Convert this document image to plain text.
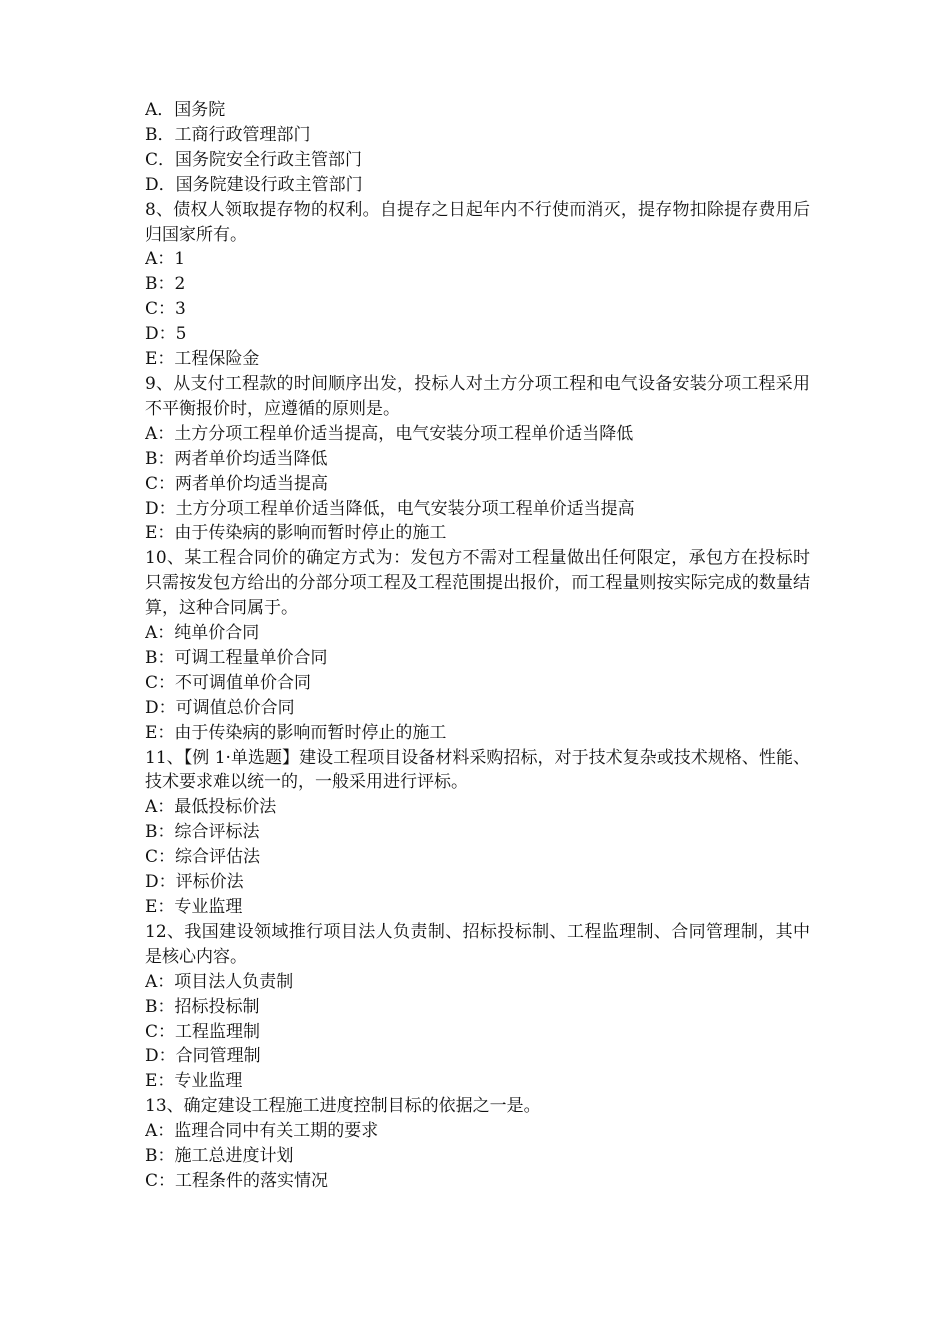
A．国务院

B．工商行政管理部门

C．国务院安全行政主管部门

D．国务院建设行政主管部门

8、债权人领取提存物的权利。自提存之日起年内不行使而消灭，提存物扣除提存费用后归国家所有。

A：1

B：2

C：3

D：5

E：工程保险金

9、从支付工程款的时间顺序出发，投标人对土方分项工程和电气设备安装分项工程采用不平衡报价时，应遵循的原则是。

A：土方分项工程单价适当提高，电气安装分项工程单价适当降低

B：两者单价均适当降低

C：两者单价均适当提高

D：土方分项工程单价适当降低，电气安装分项工程单价适当提高

E：由于传染病的影响而暂时停止的施工

10、某工程合同价的确定方式为：发包方不需对工程量做出任何限定，承包方在投标时只需按发包方给出的分部分项工程及工程范围提出报价，而工程量则按实际完成的数量结算，这种合同属于。

A：纯单价合同

B：可调工程量单价合同

C：不可调值单价合同

D：可调值总价合同

E：由于传染病的影响而暂时停止的施工

11、【例 1·单选题】建设工程项目设备材料采购招标，对于技术复杂或技术规格、性能、技术要求难以统一的，一般采用进行评标。

A：最低投标价法

B：综合评标法

C：综合评估法

D：评标价法

E：专业监理

12、我国建设领域推行项目法人负责制、招标投标制、工程监理制、合同管理制，其中是核心内容。

A：项目法人负责制

B：招标投标制

C：工程监理制

D：合同管理制

E：专业监理

13、确定建设工程施工进度控制目标的依据之一是。

A：监理合同中有关工期的要求

B：施工总进度计划

C：工程条件的落实情况
